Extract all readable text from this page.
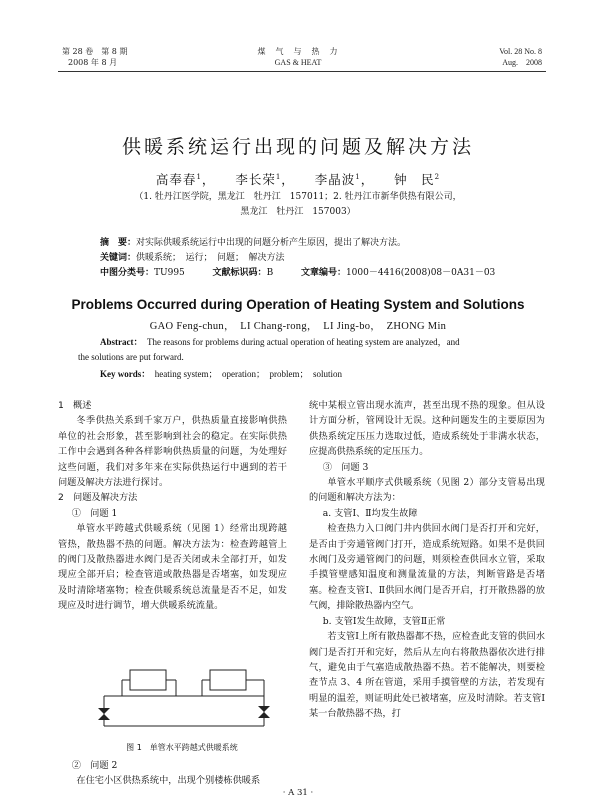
第 28 卷　第 8 期
2008 年 8 月
煤　气　与　热　力
GAS & HEAT
Vol. 28 No. 8
Aug.　2008
供暖系统运行出现的问题及解决方法
高奉春$^1$，    李长荣$^1$，    李晶波$^1$，    钟　民$^2$
（1. 牡丹江医学院，黑龙江　牡丹江　157011；2. 牡丹江市新华供热有限公司，
黑龙江　牡丹江　157003）
摘　要：对实际供暖系统运行中出现的问题分析产生原因，提出了解决方法。
关键词：供暖系统；　运行；　问题；　解决方法
中图分类号：TU995	文献标识码：B	文章编号：1000－4416(2008)08－0A31－03
Problems Occurred during Operation of Heating System and Solutions
GAO Feng-chun，　LI Chang-rong，　LI Jing-bo，　ZHONG Min
Abstract： The reasons for problems during actual operation of heating system are analyzed，and
the solutions are put forward.
Key words： heating system；　operation；　problem；　solution

1　概述

冬季供热关系到千家万户，供热质量直接影响供热单位的社会形象，甚至影响到社会的稳定。在实际供热工作中会遇到各种各样影响供热质量的问题，为处理好这些问题，我们对多年来在实际供热运行中遇到的若干问题及解决方法进行探讨。

2　问题及解决方法

①　问题 1

单管水平跨越式供暖系统（见图 1）经常出现跨越管热，散热器不热的问题。解决方法为：检查跨越管上的阀门及散热器进水阀门是否关闭或未全部打开，如发现应全部开启；检查管道或散热器是否堵塞，如发现应及时清除堵塞物；检查供暖系统总流量是否不足，如发现应及时进行调节，增大供暖系统流量。

图 1　单管水平跨越式供暖系统

②　问题 2

在住宅小区供热系统中，出现个别楼栋供暖系

统中某根立管出现水流声，甚至出现不热的现象。但从设计方面分析，管网设计无误。这种问题发生的主要原因为供热系统定压压力选取过低，造成系统处于非满水状态，应提高供热系统的定压压力。

③　问题 3

单管水平顺序式供暖系统（见图 2）部分支管易出现的问题和解决方法为：

a. 支管Ⅰ、Ⅱ均发生故障

检查热力入口阀门井内供回水阀门是否打开和完好，是否由于旁通管阀门打开，造成系统短路。如果不是供回水阀门及旁通管阀门的问题，则须检查供回水立管，采取手摸管壁感知温度和测量流量的方法，判断管路是否堵塞。检查支管Ⅰ、Ⅱ供回水阀门是否开启，打开散热器的放气阀，排除散热器内空气。

b. 支管Ⅰ发生故障，支管Ⅱ正常

若支管Ⅰ上所有散热器都不热，应检查此支管的供回水阀门是否打开和完好，然后从左向右将散热器依次进行排气，避免由于气塞造成散热器不热。若不能解决，则要检查节点 3、4 所在管道，采用手摸管壁的方法，若发现有明显的温差，则证明此处已被堵塞，应及时清除。若支管Ⅰ某一台散热器不热，打

· A 31 ·
